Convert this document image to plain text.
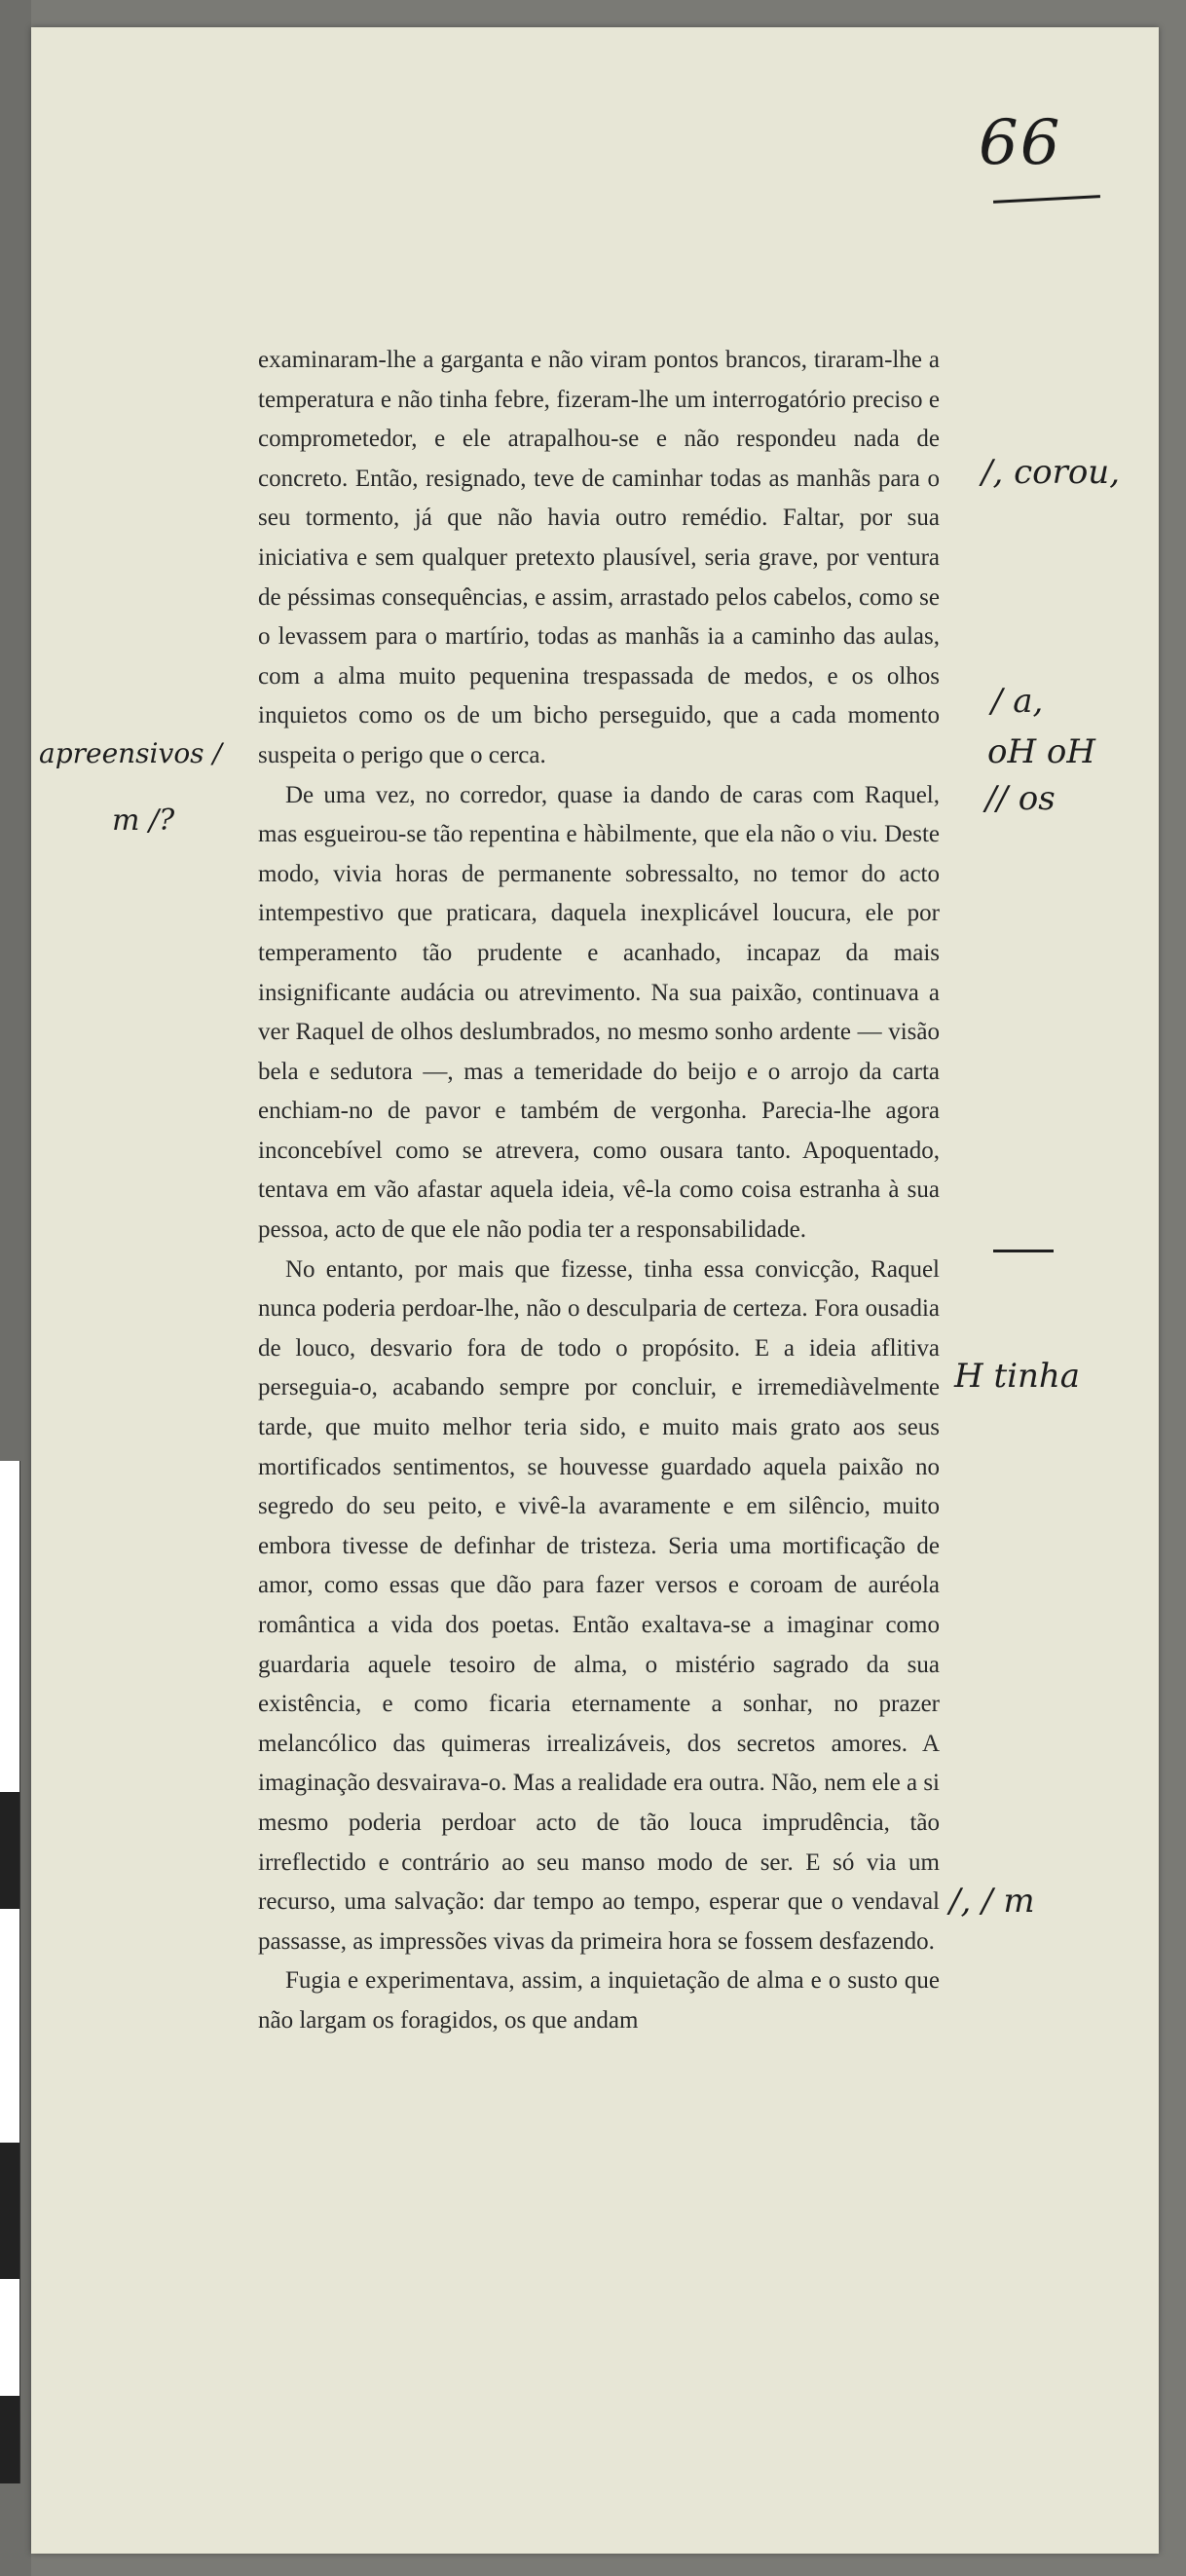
66

examinaram-lhe a garganta e não viram pontos brancos, tiraram-lhe a temperatura e não tinha febre, fizeram-lhe um interrogatório preciso e comprometedor, e ele atrapalhou-se e não respondeu nada de concreto. Então, resignado, teve de caminhar todas as manhãs para o seu tormento, já que não havia outro remédio. Faltar, por sua iniciativa e sem qualquer pretexto plausível, seria grave, por ventura de péssimas consequências, e assim, arrastado pelos cabelos, como se o levassem para o martírio, todas as manhãs ia a caminho das aulas, com a alma muito pequenina trespassada de medos, e os olhos inquietos como os de um bicho perseguido, que a cada momento suspeita o perigo que o cerca.

De uma vez, no corredor, quase ia dando de caras com Raquel, mas esgueirou-se tão repentina e hàbilmente, que ela não o viu. Deste modo, vivia horas de permanente sobressalto, no temor do acto intempestivo que praticara, daquela inexplicável loucura, ele por temperamento tão prudente e acanhado, incapaz da mais insignificante audácia ou atrevimento. Na sua paixão, continuava a ver Raquel de olhos deslumbrados, no mesmo sonho ardente — visão bela e sedutora —, mas a temeridade do beijo e o arrojo da carta enchiam-no de pavor e também de vergonha. Parecia-lhe agora inconcebível como se atrevera, como ousara tanto. Apoquentado, tentava em vão afastar aquela ideia, vê-la como coisa estranha à sua pessoa, acto de que ele não podia ter a responsabilidade.

No entanto, por mais que fizesse, tinha essa convicção, Raquel nunca poderia perdoar-lhe, não o desculparia de certeza. Fora ousadia de louco, desvario fora de todo o propósito. E a ideia aflitiva perseguia-o, acabando sempre por concluir, e irremediàvelmente tarde, que muito melhor teria sido, e muito mais grato aos seus mortificados sentimentos, se houvesse guardado aquela paixão no segredo do seu peito, e vivê-la avaramente e em silêncio, muito embora tivesse de definhar de tristeza. Seria uma mortificação de amor, como essas que dão para fazer versos e coroam de auréola romântica a vida dos poetas. Então exaltava-se a imaginar como guardaria aquele tesoiro de alma, o mistério sagrado da sua existência, e como ficaria eternamente a sonhar, no prazer melancólico das quimeras irrealizáveis, dos secretos amores. A imaginação desvairava-o. Mas a realidade era outra. Não, nem ele a si mesmo poderia perdoar acto de tão louca imprudência, tão irreflectido e contrário ao seu manso modo de ser. E só via um recurso, uma salvação: dar tempo ao tempo, esperar que o vendaval passasse, as impressões vivas da primeira hora se fossem desfazendo.

Fugia e experimentava, assim, a inquietação de alma e o susto que não largam os foragidos, os que andam

/, corou,
/ a,
oH oH
// os
H tinha
/, / m
apreensivos /
m /?
